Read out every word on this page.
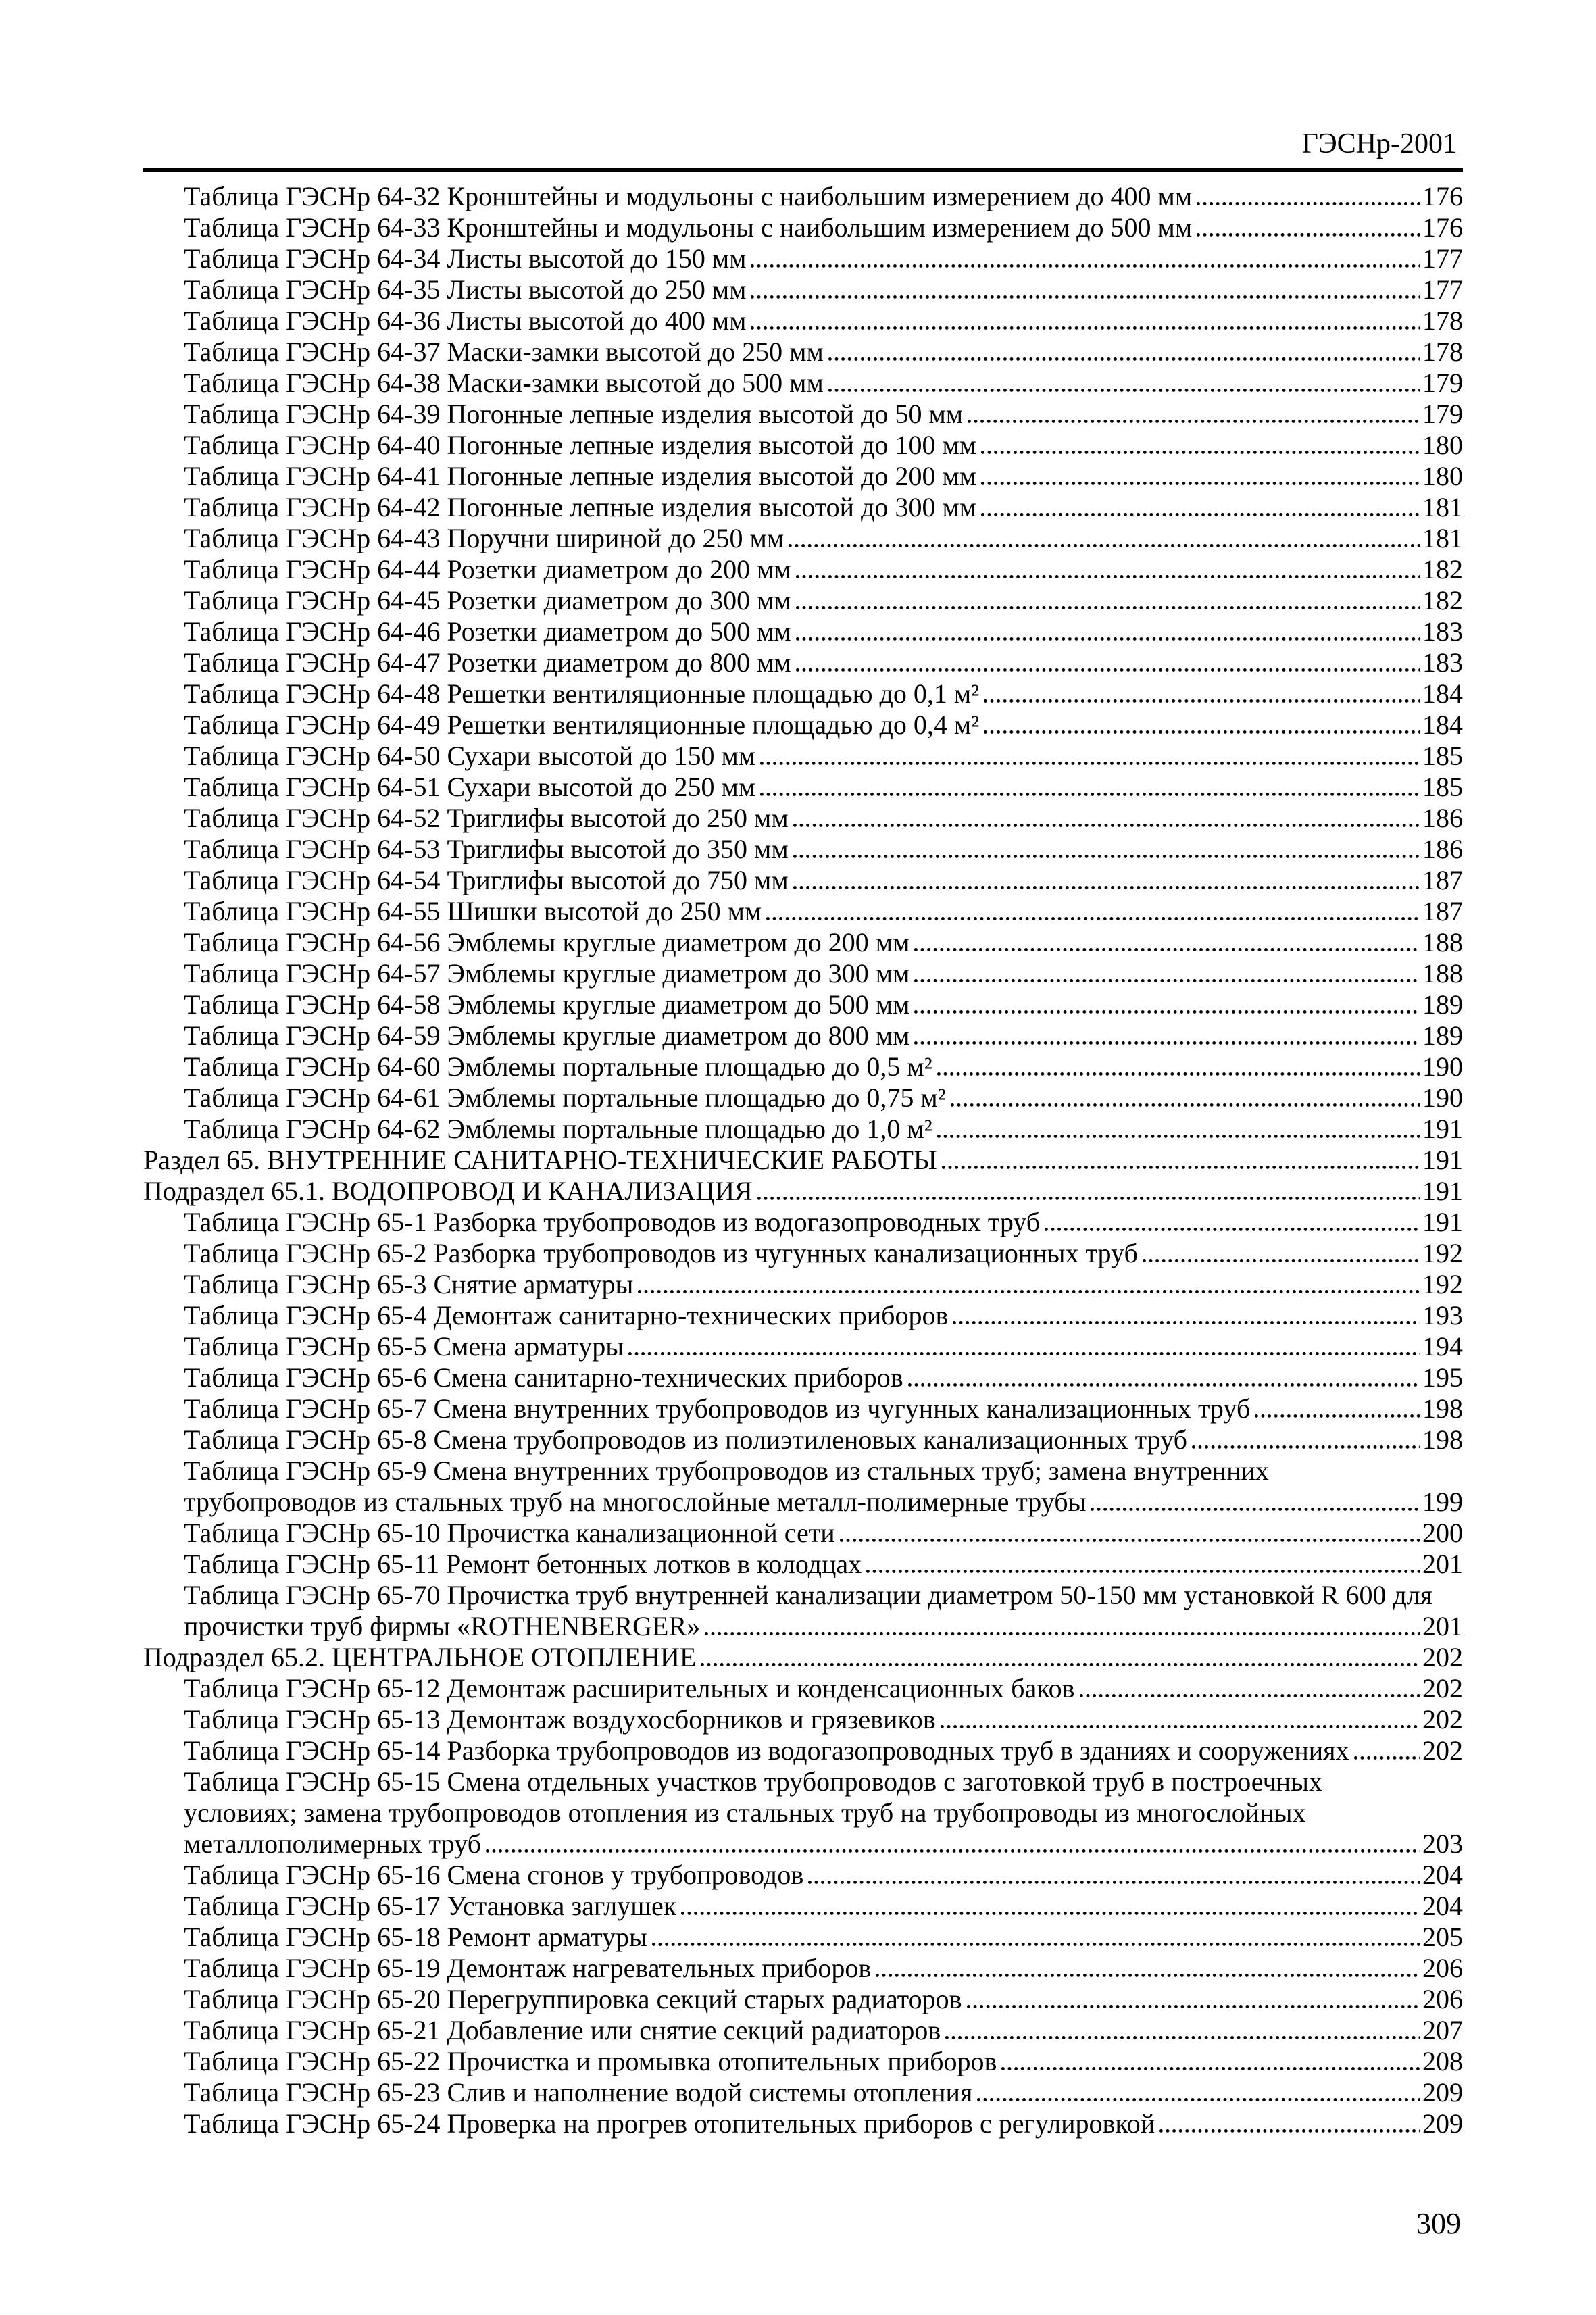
ГЭСНр-2001
Таблица ГЭСНр 64-32 Кронштейны и модульоны с наибольшим измерением до 400 мм	176
Таблица ГЭСНр 64-33 Кронштейны и модульоны с наибольшим измерением до 500 мм	176
Таблица ГЭСНр 64-34 Листы высотой до 150 мм	177
Таблица ГЭСНр 64-35 Листы высотой до 250 мм	177
Таблица ГЭСНр 64-36 Листы высотой до 400 мм	178
Таблица ГЭСНр 64-37 Маски-замки высотой до 250 мм	178
Таблица ГЭСНр 64-38 Маски-замки высотой до 500 мм	179
Таблица ГЭСНр 64-39 Погонные лепные изделия высотой до 50 мм	179
Таблица ГЭСНр 64-40 Погонные лепные изделия высотой до 100 мм	180
Таблица ГЭСНр 64-41 Погонные лепные изделия высотой до 200 мм	180
Таблица ГЭСНр 64-42 Погонные лепные изделия высотой до 300 мм	181
Таблица ГЭСНр 64-43 Поручни шириной до 250 мм	181
Таблица ГЭСНр 64-44 Розетки диаметром до 200 мм	182
Таблица ГЭСНр 64-45 Розетки диаметром до 300 мм	182
Таблица ГЭСНр 64-46 Розетки диаметром до 500 мм	183
Таблица ГЭСНр 64-47 Розетки диаметром до 800 мм	183
Таблица ГЭСНр 64-48 Решетки вентиляционные площадью до 0,1 м²	184
Таблица ГЭСНр 64-49 Решетки вентиляционные площадью до 0,4 м²	184
Таблица ГЭСНр 64-50 Сухари высотой до 150 мм	185
Таблица ГЭСНр 64-51 Сухари высотой до 250 мм	185
Таблица ГЭСНр 64-52 Триглифы высотой до 250 мм	186
Таблица ГЭСНр 64-53 Триглифы высотой до 350 мм	186
Таблица ГЭСНр 64-54 Триглифы высотой до 750 мм	187
Таблица ГЭСНр 64-55 Шишки высотой до 250 мм	187
Таблица ГЭСНр 64-56 Эмблемы круглые диаметром до 200 мм	188
Таблица ГЭСНр 64-57 Эмблемы круглые диаметром до 300 мм	188
Таблица ГЭСНр 64-58 Эмблемы круглые диаметром до 500 мм	189
Таблица ГЭСНр 64-59 Эмблемы круглые диаметром до 800 мм	189
Таблица ГЭСНр 64-60 Эмблемы портальные площадью до 0,5 м²	190
Таблица ГЭСНр 64-61 Эмблемы портальные площадью до 0,75 м²	190
Таблица ГЭСНр 64-62 Эмблемы портальные площадью до 1,0 м²	191
Раздел 65. ВНУТРЕННИЕ САНИТАРНО-ТЕХНИЧЕСКИЕ РАБОТЫ	191
Подраздел 65.1. ВОДОПРОВОД И КАНАЛИЗАЦИЯ	191
Таблица ГЭСНр 65-1 Разборка трубопроводов из водогазопроводных труб	191
Таблица ГЭСНр 65-2 Разборка трубопроводов из чугунных канализационных труб	192
Таблица ГЭСНр 65-3 Снятие арматуры	192
Таблица ГЭСНр 65-4 Демонтаж санитарно-технических приборов	193
Таблица ГЭСНр 65-5 Смена арматуры	194
Таблица ГЭСНр 65-6 Смена санитарно-технических приборов	195
Таблица ГЭСНр 65-7 Смена внутренних трубопроводов из чугунных канализационных труб	198
Таблица ГЭСНр 65-8 Смена трубопроводов из полиэтиленовых канализационных труб	198
Таблица ГЭСНр 65-9 Смена внутренних трубопроводов из стальных труб; замена внутренних
трубопроводов из стальных труб на многослойные металл-полимерные трубы	199
Таблица ГЭСНр 65-10 Прочистка канализационной сети	200
Таблица ГЭСНр 65-11 Ремонт бетонных лотков в колодцах	201
Таблица ГЭСНр 65-70 Прочистка труб внутренней канализации диаметром 50-150 мм установкой R 600 для
прочистки труб фирмы «ROTHENBERGER»	201
Подраздел 65.2. ЦЕНТРАЛЬНОЕ ОТОПЛЕНИЕ	202
Таблица ГЭСНр 65-12 Демонтаж расширительных и конденсационных баков	202
Таблица ГЭСНр 65-13 Демонтаж воздухосборников и грязевиков	202
Таблица ГЭСНр 65-14 Разборка трубопроводов из водогазопроводных труб в зданиях и сооружениях	202
Таблица ГЭСНр 65-15 Смена отдельных участков трубопроводов с заготовкой труб в построечных
условиях; замена трубопроводов отопления из стальных труб на трубопроводы из многослойных
металлополимерных труб	203
Таблица ГЭСНр 65-16 Смена сгонов у трубопроводов	204
Таблица ГЭСНр 65-17 Установка заглушек	204
Таблица ГЭСНр 65-18 Ремонт арматуры	205
Таблица ГЭСНр 65-19 Демонтаж нагревательных приборов	206
Таблица ГЭСНр 65-20 Перегруппировка секций старых радиаторов	206
Таблица ГЭСНр 65-21 Добавление или снятие секций радиаторов	207
Таблица ГЭСНр 65-22 Прочистка и промывка отопительных приборов	208
Таблица ГЭСНр 65-23 Слив и наполнение водой системы отопления	209
Таблица ГЭСНр 65-24 Проверка на прогрев отопительных приборов с регулировкой	209
309
